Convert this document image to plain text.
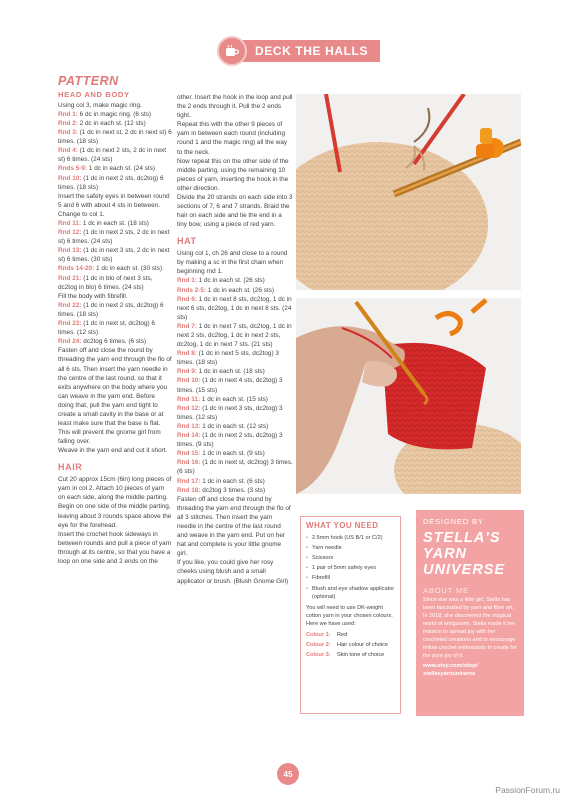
DECK THE HALLS
PATTERN
HEAD AND BODY

Using col 3, make magic ring.

Rnd 1: 6 dc in magic ring. (6 sts)

Rnd 2: 2 dc in each st. (12 sts)

Rnd 3: (1 dc in next st, 2 dc in next st) 6 times. (18 sts)

Rnd 4: (1 dc in next 2 sts, 2 dc in next st) 6 times. (24 sts)

Rnds 5-9: 1 dc in each st. (24 sts)

Rnd 10: (1 dc in next 2 sts, dc2tog) 6 times. (18 sts)

Insert the safety eyes in between round 5 and 6 with about 4 sts in between.

Change to col 1.

Rnd 11: 1 dc in each st. (18 sts)

Rnd 12: (1 dc in next 2 sts, 2 dc in next st) 6 times. (24 sts)

Rnd 13: (1 dc in next 3 sts, 2 dc in next st) 6 times. (30 sts)

Rnds 14-20: 1 dc in each st. (30 sts)

Rnd 21: (1 dc in blo of next 3 sts, dc2tog in blo) 6 times. (24 sts)

Fill the body with fibrefill.

Rnd 22: (1 dc in next 2 sts, dc2tog) 6 times. (18 sts)

Rnd 23: (1 dc in next st, dc2tog) 6 times. (12 sts)

Rnd 24: dc2tog 6 times. (6 sts)

Fasten off and close the round by threading the yarn end through the flo of all 6 sts. Then insert the yarn needle in the centre of the last round, so that it exits anywhere on the body where you can weave in the yarn end. Before doing that, pull the yarn end tight to create a small cavity in the base or at least make sure that the base is flat. This will prevent the gnome girl from falling over.

Weave in the yarn end and cut it short.

HAIR

Cut 20 approx 15cm (6in) long pieces of yarn in col 2. Attach 10 pieces of yarn on each side, along the middle parting. Begin on one side of the middle parting, leaving about 3 rounds space above the eye for the forehead.

Insert the crochet hook sideways in between rounds and pull a piece of yarn through at its centre, so that you have a loop on one side and 2 ends on the

other. Insert the hook in the loop and pull the 2 ends through it. Pull the 2 ends tight.

Repeat this with the other 9 pieces of yarn in between each round (including round 1 and the magic ring) all the way to the neck.

Now repeat this on the other side of the middle parting, using the remaining 10 pieces of yarn, inserting the hook in the other direction.

Divide the 20 strands on each side into 3 sections of 7, 6 and 7 strands. Braid the hair on each side and tie the end in a tiny bow, using a piece of red yarn.

HAT

Using col 1, ch 26 and close to a round by making a sc in the first chain when beginning rnd 1.

Rnd 1: 1 dc in each st. (26 sts)

Rnds 2-5: 1 dc in each st. (26 sts)

Rnd 6: 1 dc in next 8 sts, dc2tog, 1 dc in next 6 sts, dc2tog, 1 dc in next 8 sts. (24 sts)

Rnd 7: 1 dc in next 7 sts, dc2tog, 1 dc in next 2 sts, dc2tog, 1 dc in next 2 sts, dc2tog, 1 dc in next 7 sts. (21 sts)

Rnd 8: (1 dc in next 5 sts, dc2tog) 3 times. (18 sts)

Rnd 9: 1 dc in each st. (18 sts)

Rnd 10: (1 dc in next 4 sts, dc2tog) 3 times. (15 sts)

Rnd 11: 1 dc in each st. (15 sts)

Rnd 12: (1 dc in next 3 sts, dc2tog) 3 times. (12 sts)

Rnd 13: 1 dc in each st. (12 sts)

Rnd 14: (1 dc in next 2 sts, dc2tog) 3 times. (9 sts)

Rnd 15: 1 dc in each st. (9 sts)

Rnd 16: (1 dc in next st, dc2tog) 3 times. (6 sts)

Rnd 17: 1 dc in each st. (6 sts)

Rnd 18: dc2tog 3 times. (3 sts)

Fasten off and close the round by threading the yarn end through the flo of all 3 stitches. Then insert the yarn needle in the centre of the last round and weave in the yarn end. Put on her hat and complete is your little gnome girl.

If you like, you could give her rosy cheeks using blush and a small applicator or brush. (Blush Gnome Girl)

WHAT YOU NEED
• 2.5mm hook (US B/1 or C/2)
• Yarn needle
• Scissors
• 1 pair of 5mm safety eyes
• Fibrefill
• Blush and eye shadow applicator (optional)

You will need to use DK-weight cotton yarn in your chosen colours. Here we have used:

Colour 1:	Red
Colour 2:	Hair colour of choice
Colour 3:	Skin tone of choice
DESIGNED BY
STELLA'S YARN UNIVERSE
ABOUT ME

Since she was a little girl, Stella has been fascinated by yarn and fibre art. In 2018, she discovered the magical world of amigurumi. Stella made it her mission to spread joy with her crocheted creations and to encourage fellow crochet enthusiasts to create for the pure joy of it.

www.etsy.com/shop/ stellasyarnuniverse

45
PassionForum.ru
